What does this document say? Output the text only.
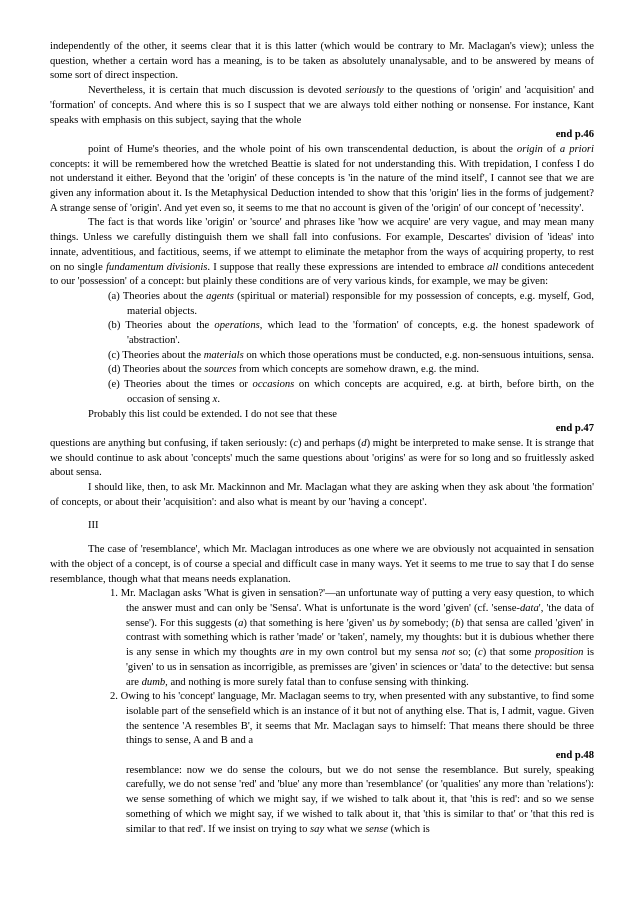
independently of the other, it seems clear that it is this latter (which would be contrary to Mr. Maclagan's view); unless the question, whether a certain word has a meaning, is to be taken as absolutely unanalysable, and to be answered by means of some sort of direct inspection.

Nevertheless, it is certain that much discussion is devoted seriously to the questions of 'origin' and 'acquisition' and 'formation' of concepts. And where this is so I suspect that we are always told either nothing or nonsense. For instance, Kant speaks with emphasis on this subject, saying that the whole

end p.46

point of Hume's theories, and the whole point of his own transcendental deduction, is about the origin of a priori concepts: it will be remembered how the wretched Beattie is slated for not understanding this. With trepidation, I confess I do not understand it either. Beyond that the 'origin' of these concepts is 'in the nature of the mind itself', I cannot see that we are given any information about it. Is the Metaphysical Deduction intended to show that this 'origin' lies in the forms of judgement? A strange sense of 'origin'. And yet even so, it seems to me that no account is given of the 'origin' of our concept of 'necessity'.

The fact is that words like 'origin' or 'source' and phrases like 'how we acquire' are very vague, and may mean many things. Unless we carefully distinguish them we shall fall into confusions. For example, Descartes' division of 'ideas' into innate, adventitious, and factitious, seems, if we attempt to eliminate the metaphor from the ways of acquiring property, to rest on no single fundamentum divisionis. I suppose that really these expressions are intended to embrace all conditions antecedent to our 'possession' of a concept: but plainly these conditions are of very various kinds, for example, we may be given:

(a) Theories about the agents (spiritual or material) responsible for my possession of concepts, e.g. myself, God, material objects.

(b) Theories about the operations, which lead to the 'formation' of concepts, e.g. the honest spadework of 'abstraction'.

(c) Theories about the materials on which those operations must be conducted, e.g. non-sensuous intuitions, sensa.

(d) Theories about the sources from which concepts are somehow drawn, e.g. the mind.

(e) Theories about the times or occasions on which concepts are acquired, e.g. at birth, before birth, on the occasion of sensing x.

Probably this list could be extended. I do not see that these

end p.47

questions are anything but confusing, if taken seriously: (c) and perhaps (d) might be interpreted to make sense. It is strange that we should continue to ask about 'concepts' much the same questions about 'origins' as were for so long and so fruitlessly asked about sensa.

I should like, then, to ask Mr. Mackinnon and Mr. Maclagan what they are asking when they ask about 'the formation' of concepts, or about their 'acquisition': and also what is meant by our 'having a concept'.

III

The case of 'resemblance', which Mr. Maclagan introduces as one where we are obviously not acquainted in sensation with the object of a concept, is of course a special and difficult case in many ways. Yet it seems to me true to say that I do sense resemblance, though what that means needs explanation.

1. Mr. Maclagan asks 'What is given in sensation?'—an unfortunate way of putting a very easy question, to which the answer must and can only be 'Sensa'. What is unfortunate is the word 'given' (cf. 'sense-data', 'the data of sense'). For this suggests (a) that something is here 'given' us by somebody; (b) that sensa are called 'given' in contrast with something which is rather 'made' or 'taken', namely, my thoughts: but it is dubious whether there is any sense in which my thoughts are in my own control but my sensa not so; (c) that some proposition is 'given' to us in sensation as incorrigible, as premisses are 'given' in sciences or 'data' to the detective: but sensa are dumb, and nothing is more surely fatal than to confuse sensing with thinking.

2. Owing to his 'concept' language, Mr. Maclagan seems to try, when presented with any substantive, to find some isolable part of the sensefield which is an instance of it but not of anything else. That is, I admit, vague. Given the sentence 'A resembles B', it seems that Mr. Maclagan says to himself: That means there should be three things to sense, A and B and a

end p.48

resemblance: now we do sense the colours, but we do not sense the resemblance. But surely, speaking carefully, we do not sense 'red' and 'blue' any more than 'resemblance' (or 'qualities' any more than 'relations'): we sense something of which we might say, if we wished to talk about it, that 'this is red': and so we sense something of which we might say, if we wished to talk about it, that 'this is similar to that' or 'that this red is similar to that red'. If we insist on trying to say what we sense (which is
